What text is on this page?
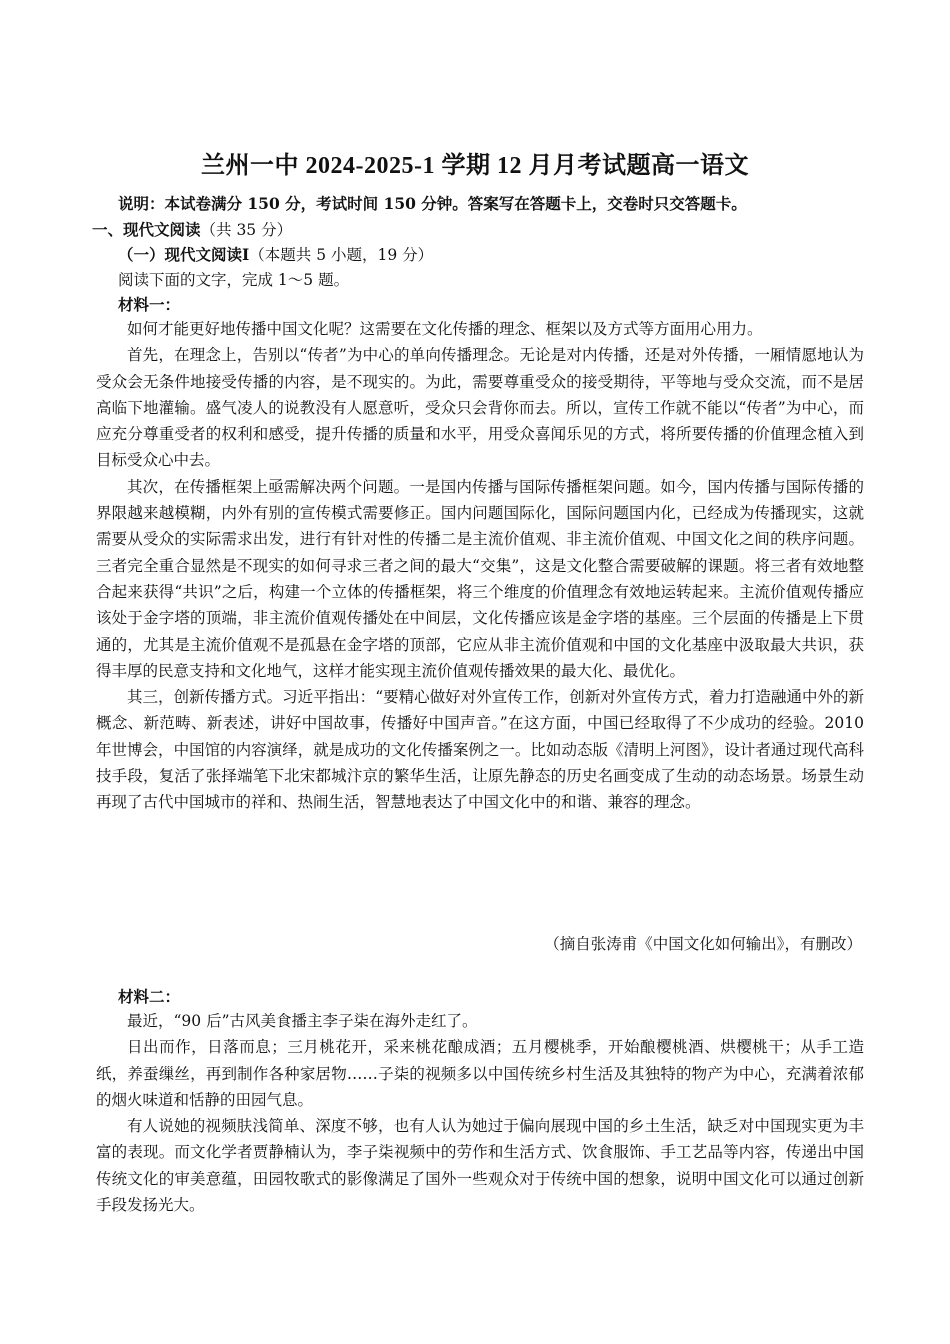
兰州一中 2024-2025-1 学期 12 月月考试题高一语文
说明：本试卷满分 150 分，考试时间 150 分钟。答案写在答题卡上，交卷时只交答题卡。
一、现代文阅读（共 35 分）
（一）现代文阅读Ⅰ（本题共 5 小题，19 分）
阅读下面的文字，完成 1～5 题。
材料一：

如何才能更好地传播中国文化呢？这需要在文化传播的理念、框架以及方式等方面用心用力。

首先，在理念上，告别以“传者”为中心的单向传播理念。无论是对内传播，还是对外传播，一厢情愿地认为受众会无条件地接受传播的内容，是不现实的。为此，需要尊重受众的接受期待，平等地与受众交流，而不是居高临下地灌输。盛气凌人的说教没有人愿意听，受众只会背你而去。所以，宣传工作就不能以“传者”为中心，而应充分尊重受者的权利和感受，提升传播的质量和水平，用受众喜闻乐见的方式，将所要传播的价值理念植入到目标受众心中去。

其次，在传播框架上亟需解决两个问题。一是国内传播与国际传播框架问题。如今，国内传播与国际传播的界限越来越模糊，内外有别的宣传模式需要修正。国内问题国际化，国际问题国内化，已经成为传播现实，这就需要从受众的实际需求出发，进行有针对性的传播二是主流价值观、非主流价值观、中国文化之间的秩序问题。三者完全重合显然是不现实的如何寻求三者之间的最大“交集”，这是文化整合需要破解的课题。将三者有效地整合起来获得“共识”之后，构建一个立体的传播框架，将三个维度的价值理念有效地运转起来。主流价值观传播应该处于金字塔的顶端，非主流价值观传播处在中间层，文化传播应该是金字塔的基座。三个层面的传播是上下贯通的，尤其是主流价值观不是孤悬在金字塔的顶部，它应从非主流价值观和中国的文化基座中汲取最大共识，获得丰厚的民意支持和文化地气，这样才能实现主流价值观传播效果的最大化、最优化。

其三，创新传播方式。习近平指出：“要精心做好对外宣传工作，创新对外宣传方式，着力打造融通中外的新概念、新范畴、新表述，讲好中国故事，传播好中国声音。”在这方面，中国已经取得了不少成功的经验。2010 年世博会，中国馆的内容演绎，就是成功的文化传播案例之一。比如动态版《清明上河图》，设计者通过现代高科技手段，复活了张择端笔下北宋都城汴京的繁华生活，让原先静态的历史名画变成了生动的动态场景。场景生动再现了古代中国城市的祥和、热闹生活，智慧地表达了中国文化中的和谐、兼容的理念。

（摘自张涛甫《中国文化如何输出》，有删改）
材料二：

最近，“90 后”古风美食播主李子柒在海外走红了。

日出而作，日落而息；三月桃花开，采来桃花酿成酒；五月樱桃季，开始酿樱桃酒、烘樱桃干；从手工造纸，养蚕缫丝，再到制作各种家居物……子柒的视频多以中国传统乡村生活及其独特的物产为中心，充满着浓郁的烟火味道和恬静的田园气息。

有人说她的视频肤浅简单、深度不够，也有人认为她过于偏向展现中国的乡土生活，缺乏对中国现实更为丰富的表现。而文化学者贾静楠认为，李子柒视频中的劳作和生活方式、饮食服饰、手工艺品等内容，传递出中国传统文化的审美意蕴，田园牧歌式的影像满足了国外一些观众对于传统中国的想象，说明中国文化可以通过创新手段发扬光大。
